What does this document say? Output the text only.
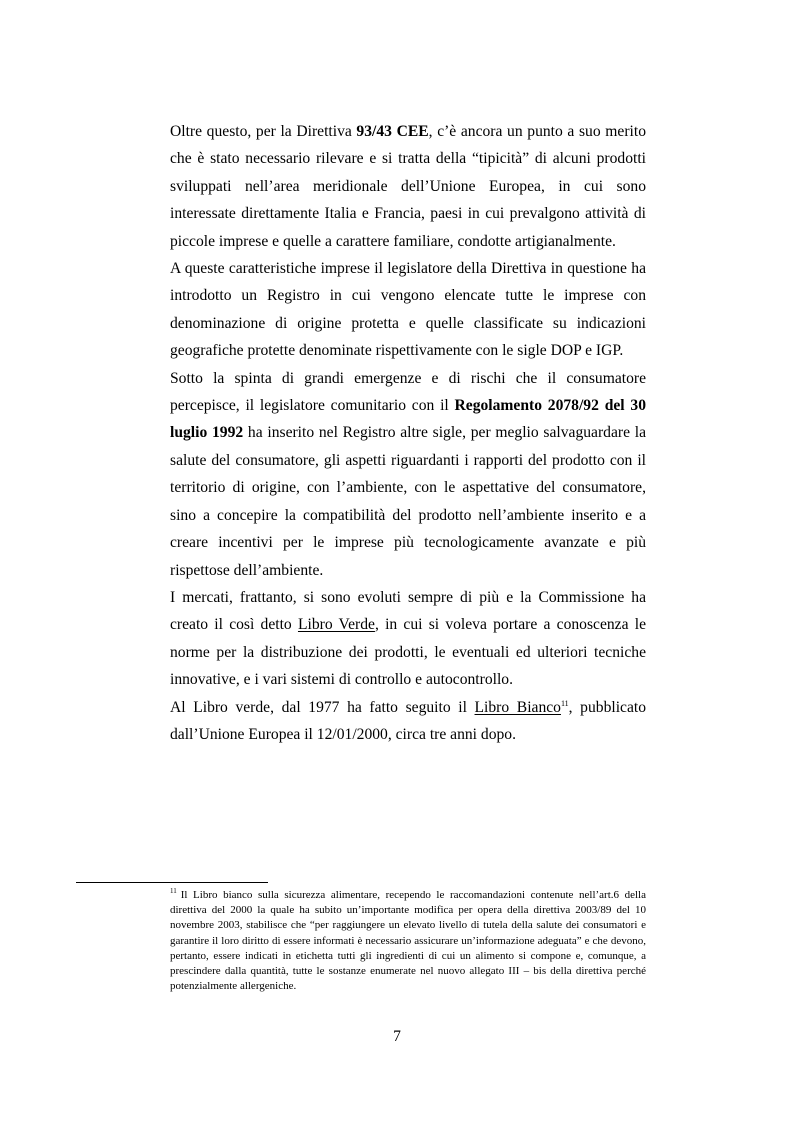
Oltre questo, per la Direttiva 93/43 CEE, c’è ancora un punto a suo merito che è stato necessario rilevare e si tratta della “tipicità” di alcuni prodotti sviluppati nell’area meridionale dell’Unione Europea, in cui sono interessate direttamente Italia e Francia, paesi in cui prevalgono attività di piccole imprese e quelle a carattere familiare, condotte artigianalmente.

A queste caratteristiche imprese il legislatore della Direttiva in questione ha introdotto un Registro in cui vengono elencate tutte le imprese con denominazione di origine protetta e quelle classificate su indicazioni geografiche protette denominate rispettivamente con le sigle DOP e IGP.

Sotto la spinta di grandi emergenze e di rischi che il consumatore percepisce, il legislatore comunitario con il Regolamento 2078/92 del 30 luglio 1992 ha inserito nel Registro altre sigle, per meglio salvaguardare la salute del consumatore, gli aspetti riguardanti i rapporti del prodotto con il territorio di origine, con l’ambiente, con le aspettative del consumatore, sino a concepire la compatibilità del prodotto nell’ambiente inserito e a creare incentivi per le imprese più tecnologicamente avanzate e più rispettose dell’ambiente.

I mercati, frattanto, si sono evoluti sempre di più e la Commissione ha creato il così detto Libro Verde, in cui si voleva portare a conoscenza le norme per la distribuzione dei prodotti, le eventuali ed ulteriori tecniche innovative, e i vari sistemi di controllo e autocontrollo.

Al Libro verde, dal 1977 ha fatto seguito il Libro Bianco$^{11}$, pubblicato dall’Unione Europea il 12/01/2000, circa tre anni dopo.

$^{11}$ Il Libro bianco sulla sicurezza alimentare, recependo le raccomandazioni contenute nell’art.6 della direttiva del 2000 la quale ha subito un’importante modifica per opera della direttiva 2003/89 del 10 novembre 2003, stabilisce che “per raggiungere un elevato livello di tutela della salute dei consumatori e garantire il loro diritto di essere informati è necessario assicurare un’informazione adeguata” e che devono, pertanto, essere indicati in etichetta tutti gli ingredienti di cui un alimento si compone e, comunque, a prescindere dalla quantità, tutte le sostanze enumerate nel nuovo allegato III – bis della direttiva perché potenzialmente allergeniche.

7
